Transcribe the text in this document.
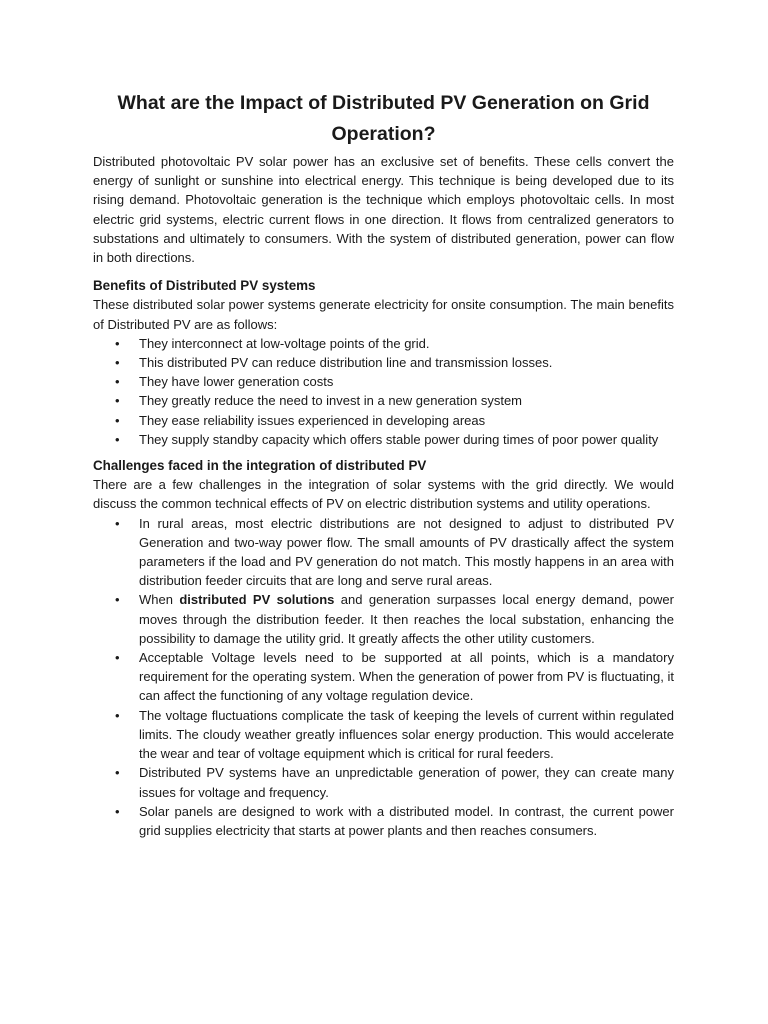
What are the Impact of Distributed PV Generation on Grid Operation?

Distributed photovoltaic PV solar power has an exclusive set of benefits. These cells convert the energy of sunlight or sunshine into electrical energy. This technique is being developed due to its rising demand. Photovoltaic generation is the technique which employs photovoltaic cells. In most electric grid systems, electric current flows in one direction. It flows from centralized generators to substations and ultimately to consumers. With the system of distributed generation, power can flow in both directions.

Benefits of Distributed PV systems

These distributed solar power systems generate electricity for onsite consumption. The main benefits of Distributed PV are as follows:

• They interconnect at low-voltage points of the grid.
• This distributed PV can reduce distribution line and transmission losses.
• They have lower generation costs
• They greatly reduce the need to invest in a new generation system
• They ease reliability issues experienced in developing areas
• They supply standby capacity which offers stable power during times of poor power quality
Challenges faced in the integration of distributed PV

There are a few challenges in the integration of solar systems with the grid directly. We would discuss the common technical effects of PV on electric distribution systems and utility operations.

• In rural areas, most electric distributions are not designed to adjust to distributed PV Generation and two-way power flow. The small amounts of PV drastically affect the system parameters if the load and PV generation do not match. This mostly happens in an area with distribution feeder circuits that are long and serve rural areas.
• When distributed PV solutions and generation surpasses local energy demand, power moves through the distribution feeder. It then reaches the local substation, enhancing the possibility to damage the utility grid. It greatly affects the other utility customers.
• Acceptable Voltage levels need to be supported at all points, which is a mandatory requirement for the operating system. When the generation of power from PV is fluctuating, it can affect the functioning of any voltage regulation device.
• The voltage fluctuations complicate the task of keeping the levels of current within regulated limits. The cloudy weather greatly influences solar energy production. This would accelerate the wear and tear of voltage equipment which is critical for rural feeders.
• Distributed PV systems have an unpredictable generation of power, they can create many issues for voltage and frequency.
• Solar panels are designed to work with a distributed model. In contrast, the current power grid supplies electricity that starts at power plants and then reaches consumers.
